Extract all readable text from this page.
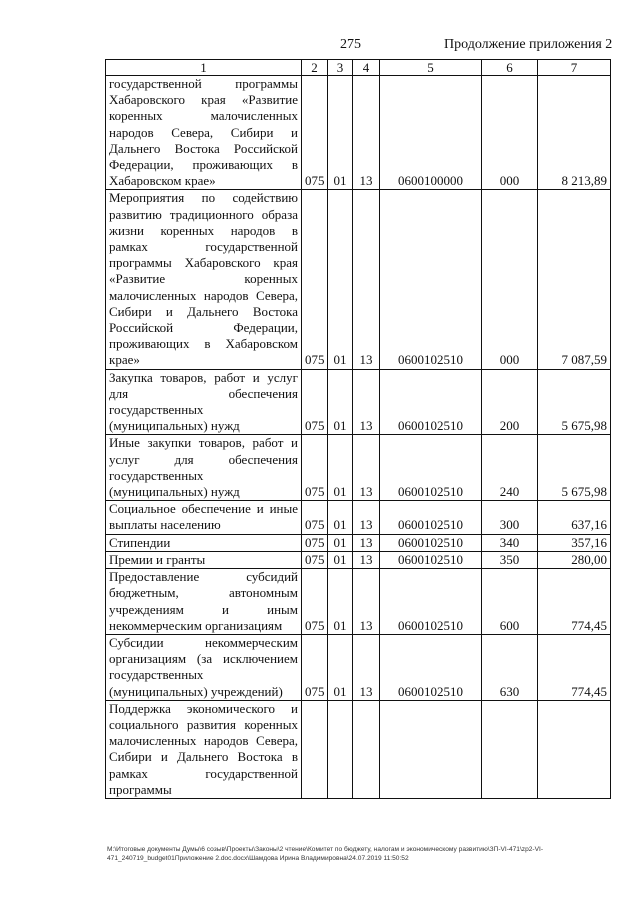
275	Продолжение приложения 2
1	2	3	4	5	6	7
государственной программы Хабаровского края «Развитие коренных малочисленных народов Севера, Сибири и Дальнего Востока Российской Федерации, проживающих в Хабаровском крае»	075	01	13	0600100000	000	8 213,89
Мероприятия по содействию развитию традиционного образа жизни коренных народов в рамках государственной программы Хабаровского края «Развитие коренных малочисленных народов Севера, Сибири и Дальнего Востока Российской Федерации, проживающих в Хабаровском крае»	075	01	13	0600102510	000	7 087,59
Закупка товаров, работ и услуг для обеспечения государственных (муниципальных) нужд	075	01	13	0600102510	200	5 675,98
Иные закупки товаров, работ и услуг для обеспечения государственных (муниципальных) нужд	075	01	13	0600102510	240	5 675,98
Социальное обеспечение и иные выплаты населению	075	01	13	0600102510	300	637,16
Стипендии	075	01	13	0600102510	340	357,16
Премии и гранты	075	01	13	0600102510	350	280,00
Предоставление субсидий бюджетным, автономным учреждениям и иным некоммерческим организациям	075	01	13	0600102510	600	774,45
Субсидии некоммерческим организациям (за исключением государственных (муниципальных) учреждений)	075	01	13	0600102510	630	774,45
Поддержка экономического и социального развития коренных малочисленных народов Севера, Сибири и Дальнего Востока в рамках государственной программы						
M:\Итоговые документы Думы\6 созыв\Проекты\Законы\2 чтение\Комитет по бюджету, налогам и экономическому развитию\ЗП-VI-471\zp2-VI-
471_240719_budget01Приложение 2.doc.docx\Шамдова Ирина Владимировна\24.07.2019 11:50:52
